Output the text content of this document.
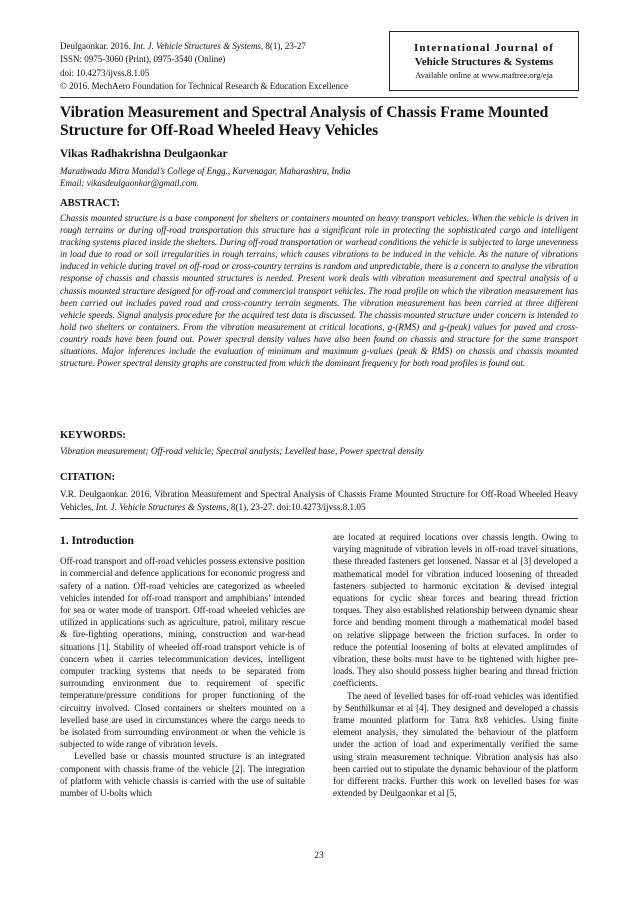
Deulgaonkar. 2016. Int. J. Vehicle Structures & Systems, 8(1), 23-27
ISSN: 0975-3060 (Print), 0975-3540 (Online)
doi: 10.4273/ijvss.8.1.05
© 2016. MechAero Foundation for Technical Research & Education Excellence
International Journal of
Vehicle Structures & Systems
Available online at www.maftree.org/eja
Vibration Measurement and Spectral Analysis of Chassis Frame Mounted Structure for Off-Road Wheeled Heavy Vehicles
Vikas Radhakrishna Deulgaonkar
Marathwada Mitra Mandal’s College of Engg., Karvenagar, Maharashtra, India
Email: vikasdeulgaonkar@gmail.com.
ABSTRACT:
Chassis mounted structure is a base component for shelters or containers mounted on heavy transport vehicles. When the vehicle is driven in rough terrains or during off-road transportation this structure has a significant role in protecting the sophisticated cargo and intelligent tracking systems placed inside the shelters. During off-road transportation or warhead conditions the vehicle is subjected to large unevenness in load due to road or soil irregularities in rough terrains, which causes vibrations to be induced in the vehicle. As the nature of vibrations induced in vehicle during travel on off-road or cross-country terrains is random and unpredictable, there is a concern to analyse the vibration response of chassis and chassis mounted structures is needed. Present work deals with vibration measurement and spectral analysis of a chassis mounted structure designed for off-road and commercial transport vehicles. The road profile on which the vibration measurement has been carried out includes paved road and cross-country terrain segments. The vibration measurement has been carried at three different vehicle speeds. Signal analysis procedure for the acquired test data is discussed. The chassis mounted structure under concern is intended to hold two shelters or containers. From the vibration measurement at critical locations, g-(RMS) and g-(peak) values for paved and cross-country roads have been found out. Power spectral density values have also been found on chassis and structure for the same transport situations. Major inferences include the evaluation of minimum and maximum g-values (peak & RMS) on chassis and chassis mounted structure. Power spectral density graphs are constructed from which the dominant frequency for both road profiles is found out.
KEYWORDS:
Vibration measurement; Off-road vehicle; Spectral analysis; Levelled base, Power spectral density
CITATION:
V.R. Deulgaonkar. 2016. Vibration Measurement and Spectral Analysis of Chassis Frame Mounted Structure for Off-Road Wheeled Heavy Vehicles, Int. J. Vehicle Structures & Systems, 8(1), 23-27. doi:10.4273/ijvss.8.1.05
1. Introduction

Off-road transport and off-road vehicles possess extensive position in commercial and defence applications for economic progress and safety of a nation. Off-road vehicles are categorized as wheeled vehicles intended for off-road transport and amphibians’ intended for sea or water mode of transport. Off-road wheeled vehicles are utilized in applications such as agriculture, patrol, military rescue & fire-fighting operations, mining, construction and war-head situations [1]. Stability of wheeled off-road transport vehicle is of concern when it carries telecommunication devices, intelligent computer tracking systems that needs to be separated from surrounding environment due to requirement of specific temperature/pressure conditions for proper functioning of the circuitry involved. Closed containers or shelters mounted on a levelled base are used in circumstances where the cargo needs to be isolated from surrounding environment or when the vehicle is subjected to wide range of vibration levels.

Levelled base or chassis mounted structure is an integrated component with chassis frame of the vehicle [2]. The integration of platform with vehicle chassis is carried with the use of suitable number of U-bolts which

are located at required locations over chassis length. Owing to varying magnitude of vibration levels in off-road travel situations, these threaded fasteners get loosened. Nassar et al [3] developed a mathematical model for vibration induced loosening of threaded fasteners subjected to harmonic excitation & devised integral equations for cyclic shear forces and bearing thread friction torques. They also established relationship between dynamic shear force and bending moment through a mathematical model based on relative slippage between the friction surfaces. In order to reduce the potential loosening of bolts at elevated amplitudes of vibration, these bolts must have to be tightened with higher pre-loads. They also should possess higher bearing and thread friction coefficients.

The need of levelled bases for off-road vehicles was identified by Senthilkumar et al [4]. They designed and developed a chassis frame mounted platform for Tatra 8x8 vehicles. Using finite element analysis, they simulated the behaviour of the platform under the action of load and experimentally verified the same using strain measurement technique. Vibration analysis has also been carried out to stipulate the dynamic behaviour of the platform for different tracks. Further this work on levelled bases for was extended by Deulgaonkar et al [5,

23
